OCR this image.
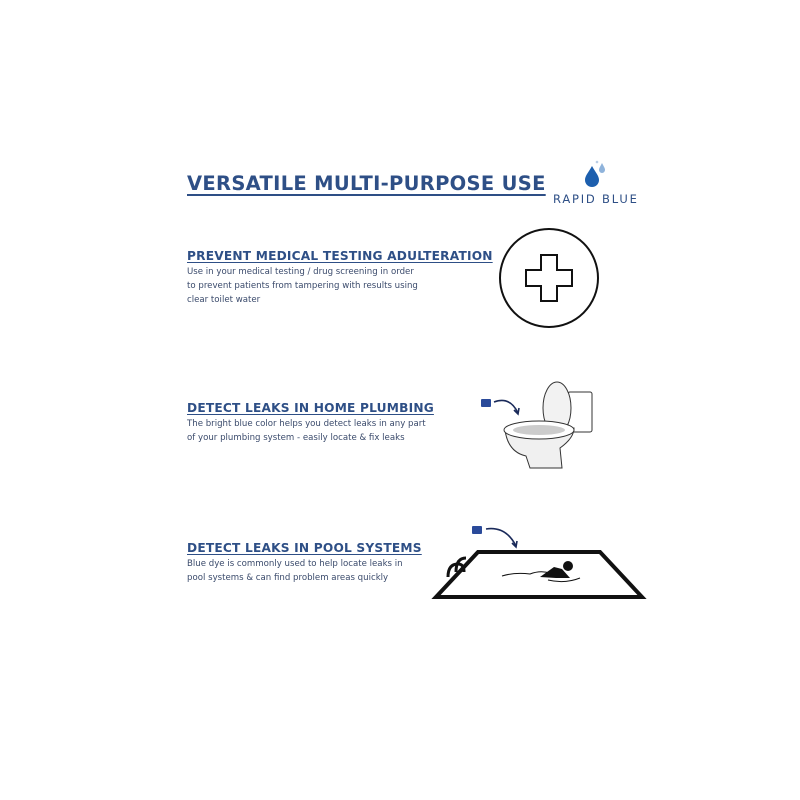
VERSATILE MULTI-PURPOSE USE
RAPID BLUE
PREVENT MEDICAL TESTING ADULTERATION
Use in your medical testing / drug screening in order
to prevent patients from tampering with results using
clear toilet water
DETECT LEAKS IN HOME PLUMBING
The bright blue color helps you detect leaks in any part
of your plumbing system - easily locate & fix leaks
DETECT LEAKS IN POOL SYSTEMS
Blue dye is commonly used to help locate leaks in
pool systems & can find problem areas quickly
